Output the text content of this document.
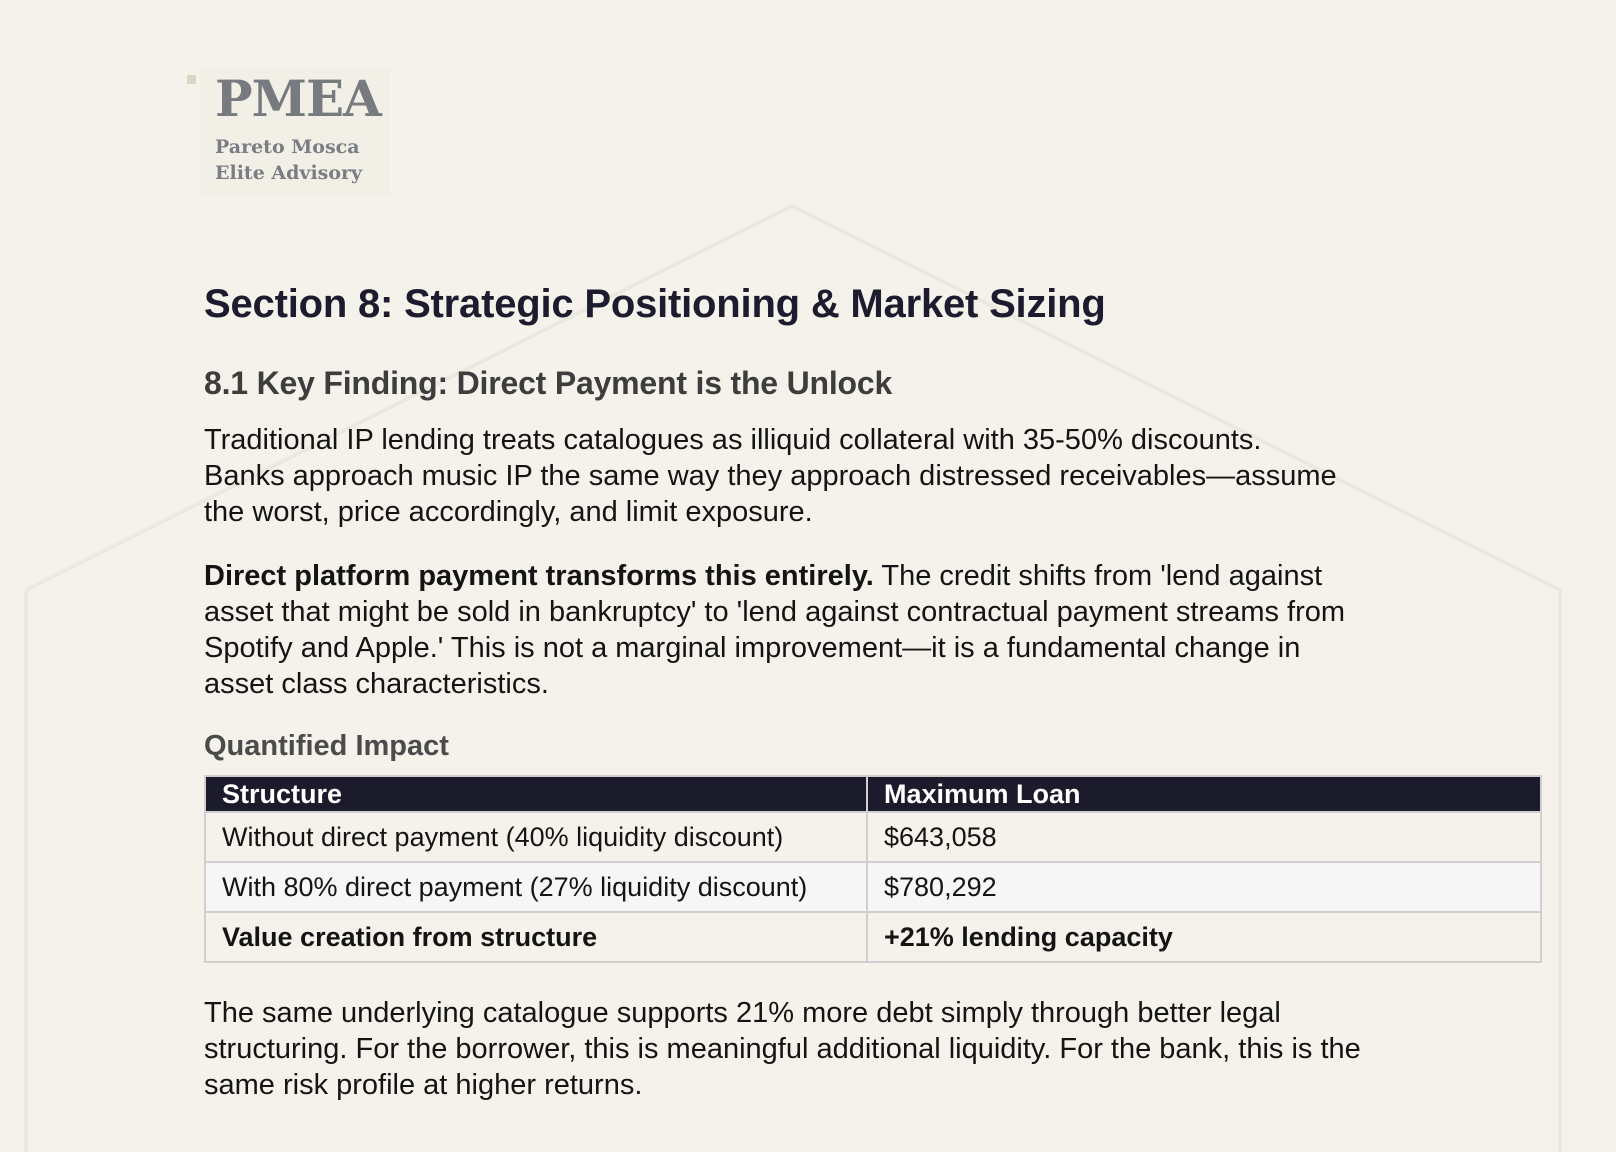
PMEA
Pareto Mosca
Elite Advisory
Section 8: Strategic Positioning & Market Sizing
8.1 Key Finding: Direct Payment is the Unlock

Traditional IP lending treats catalogues as illiquid collateral with 35-50% discounts. Banks approach music IP the same way they approach distressed receivables—assume the worst, price accordingly, and limit exposure.

Direct platform payment transforms this entirely. The credit shifts from 'lend against asset that might be sold in bankruptcy' to 'lend against contractual payment streams from Spotify and Apple.' This is not a marginal improvement—it is a fundamental change in asset class characteristics.

Quantified Impact
Structure	Maximum Loan
Without direct payment (40% liquidity discount)	$643,058
With 80% direct payment (27% liquidity discount)	$780,292
Value creation from structure	+21% lending capacity

The same underlying catalogue supports 21% more debt simply through better legal structuring. For the borrower, this is meaningful additional liquidity. For the bank, this is the same risk profile at higher returns.
